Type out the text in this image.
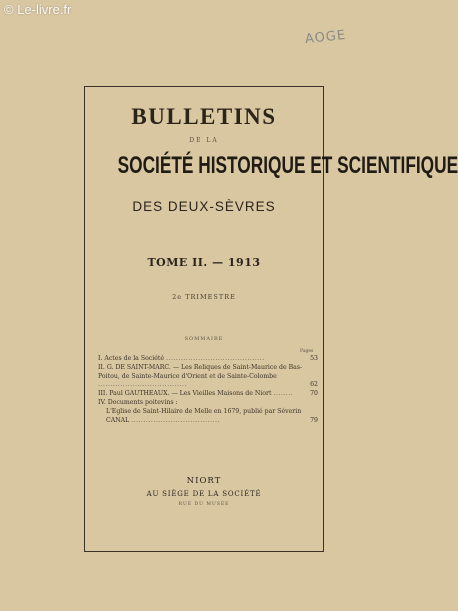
© Le-livre.fr
AOGE
BULLETINS
DE LA
SOCIÉTÉ HISTORIQUE ET SCIENTIFIQUE
DES DEUX-SÈVRES
TOME II. — 1913
2e TRIMESTRE
SOMMAIRE
Pages
I. Actes de la Société ........................................	53
II. G. DE SAINT-MARC. — Les Reliques de Saint-Maurice de Bas-Poitou, de Sainte-Maurice d'Orient et de Sainte-Colombe ....................................	62
III. Paul GAUTHEAUX. — Les Vieilles Maisons de Niort ........	70
IV. Documents poitevins :
L'Eglise de Saint-Hilaire de Melle en 1679, publié par Séverin CANAL ....................................	79
NIORT
AU SIÈGE DE LA SOCIÉTÉ
RUE DU MUSÉE
